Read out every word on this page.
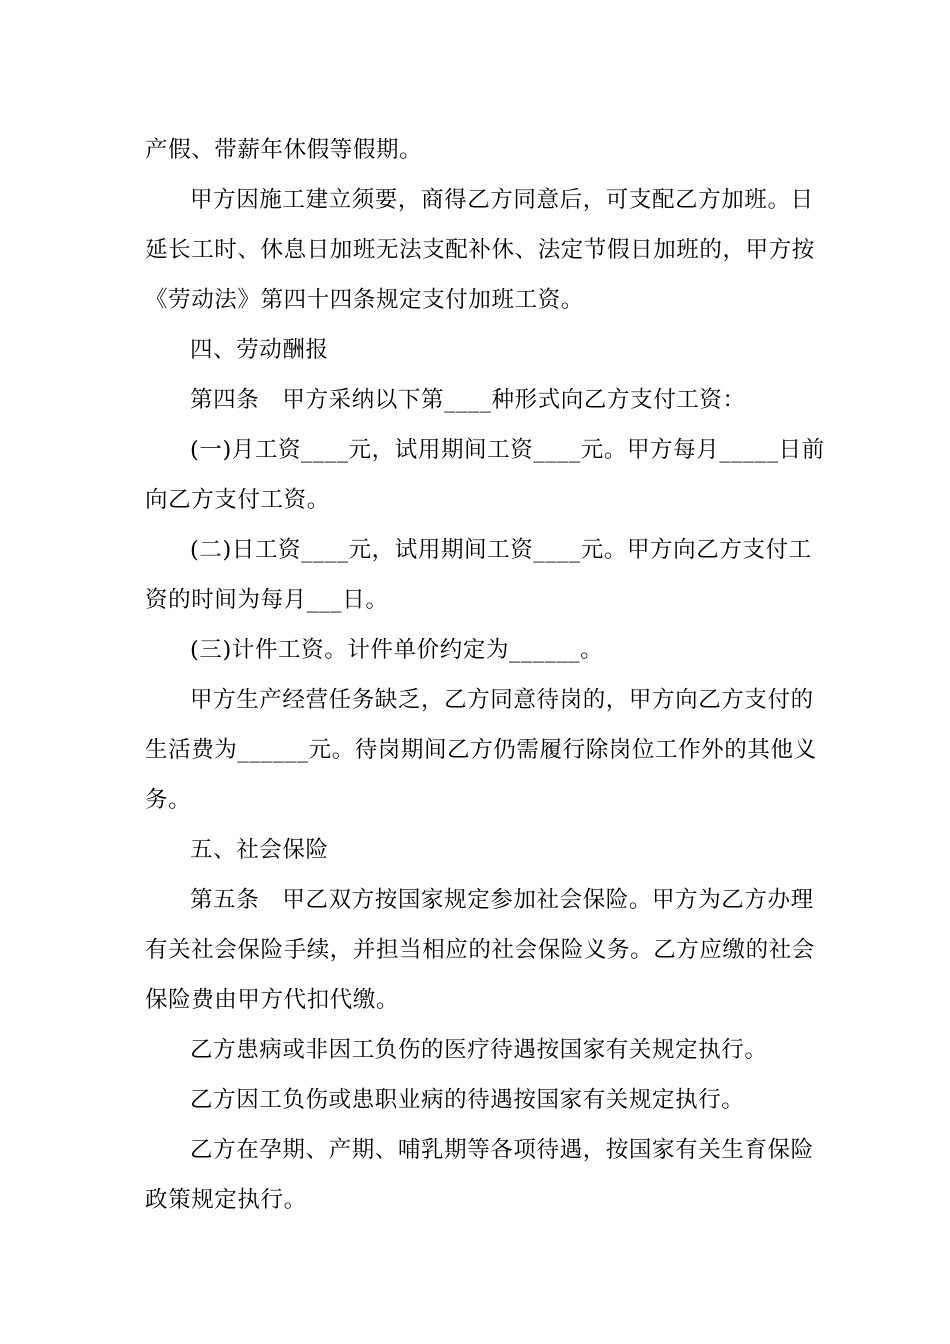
产假、带薪年休假等假期。
甲方因施工建立须要，商得乙方同意后，可支配乙方加班。日
延长工时、休息日加班无法支配补休、法定节假日加班的，甲方按
《劳动法》第四十四条规定支付加班工资。
四、劳动酬报
第四条　甲方采纳以下第____种形式向乙方支付工资：
(一)月工资____元，试用期间工资____元。甲方每月_____日前
向乙方支付工资。
(二)日工资____元，试用期间工资____元。甲方向乙方支付工
资的时间为每月___日。
(三)计件工资。计件单价约定为______。
甲方生产经营任务缺乏，乙方同意待岗的，甲方向乙方支付的
生活费为______元。待岗期间乙方仍需履行除岗位工作外的其他义
务。
五、社会保险
第五条　甲乙双方按国家规定参加社会保险。甲方为乙方办理
有关社会保险手续，并担当相应的社会保险义务。乙方应缴的社会
保险费由甲方代扣代缴。
乙方患病或非因工负伤的医疗待遇按国家有关规定执行。
乙方因工负伤或患职业病的待遇按国家有关规定执行。
乙方在孕期、产期、哺乳期等各项待遇，按国家有关生育保险
政策规定执行。
